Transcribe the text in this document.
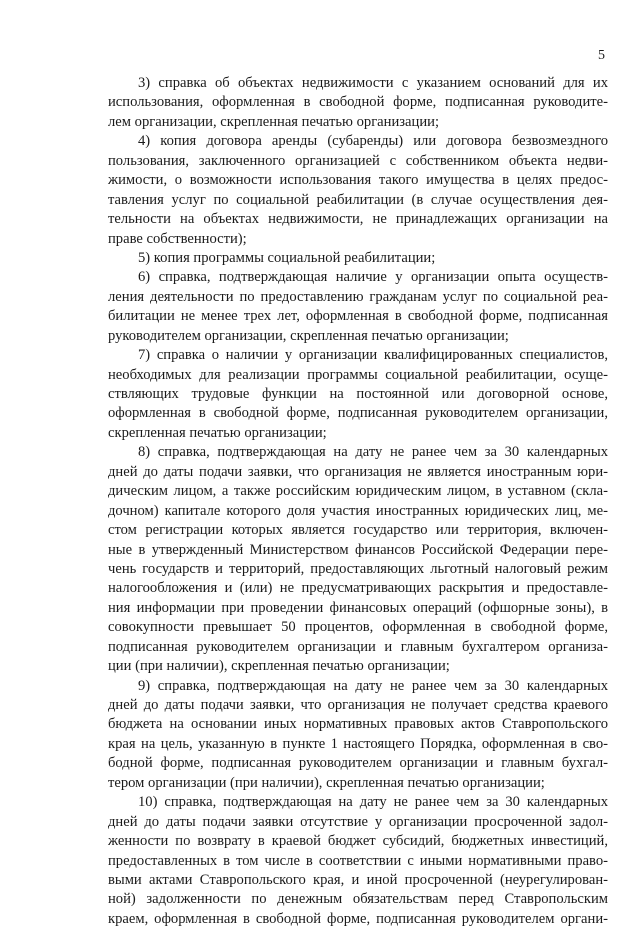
5
3) справка об объектах недвижимости с указанием оснований для их
использования, оформленная в свободной форме, подписанная руководите-
лем организации, скрепленная печатью организации;
4) копия договора аренды (субаренды) или договора безвозмездного
пользования, заключенного организацией с собственником объекта недви-
жимости, о возможности использования такого имущества в целях предос-
тавления услуг по социальной реабилитации (в случае осуществления дея-
тельности на объектах недвижимости, не принадлежащих организации на
праве собственности);
5) копия программы социальной реабилитации;
6) справка, подтверждающая наличие у организации опыта осуществ-
ления деятельности по предоставлению гражданам услуг по социальной реа-
билитации не менее трех лет, оформленная в свободной форме, подписанная
руководителем организации, скрепленная печатью организации;
7) справка о наличии у организации квалифицированных специалистов,
необходимых для реализации программы социальной реабилитации, осуще-
ствляющих трудовые функции на постоянной или договорной основе,
оформленная в свободной форме, подписанная руководителем организации,
скрепленная печатью организации;
8) справка, подтверждающая на дату не ранее чем за 30 календарных
дней до даты подачи заявки, что организация не является иностранным юри-
дическим лицом, а также российским юридическим лицом, в уставном (скла-
дочном) капитале которого доля участия иностранных юридических лиц, ме-
стом регистрации которых является государство или территория, включен-
ные в утвержденный Министерством финансов Российской Федерации пере-
чень государств и территорий, предоставляющих льготный налоговый режим
налогообложения и (или) не предусматривающих раскрытия и предоставле-
ния информации при проведении финансовых операций (офшорные зоны), в
совокупности превышает 50 процентов, оформленная в свободной форме,
подписанная руководителем организации и главным бухгалтером организа-
ции (при наличии), скрепленная печатью организации;
9) справка, подтверждающая на дату не ранее чем за 30 календарных
дней до даты подачи заявки, что организация не получает средства краевого
бюджета на основании иных нормативных правовых актов Ставропольского
края на цель, указанную в пункте 1 настоящего Порядка, оформленная в сво-
бодной форме, подписанная руководителем организации и главным бухгал-
тером организации (при наличии), скрепленная печатью организации;
10) справка, подтверждающая на дату не ранее чем за 30 календарных
дней до даты подачи заявки отсутствие у организации просроченной задол-
женности по возврату в краевой бюджет субсидий, бюджетных инвестиций,
предоставленных в том числе в соответствии с иными нормативными право-
выми актами Ставропольского края, и иной просроченной (неурегулирован-
ной) задолженности по денежным обязательствам перед Ставропольским
краем, оформленная в свободной форме, подписанная руководителем органи-
